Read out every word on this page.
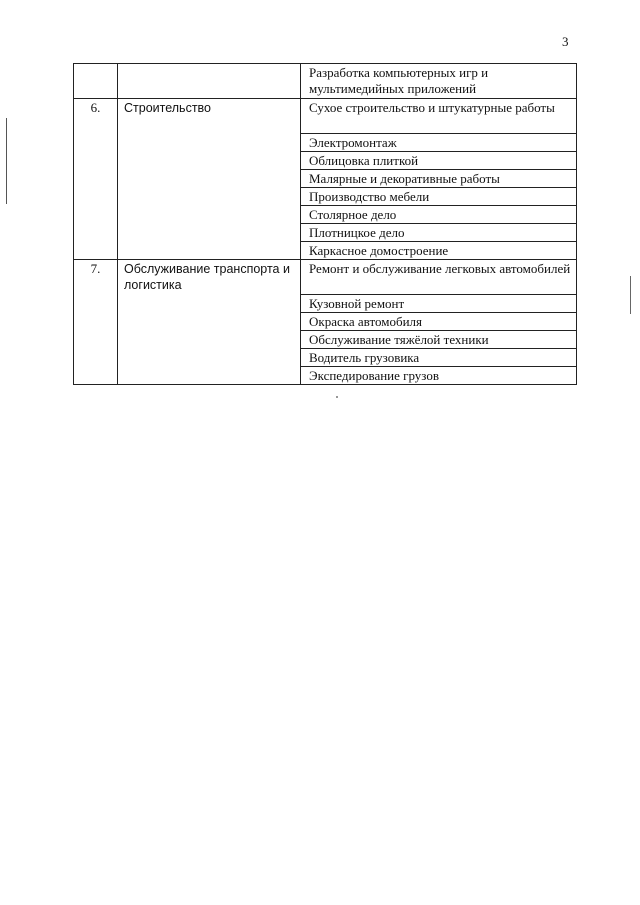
3
		Разработка компьютерных игр и мультимедийных приложений
6.	Строительство	Сухое строительство и штукатурные работы
		Электромонтаж
		Облицовка плиткой
		Малярные и декоративные работы
		Производство мебели
		Столярное дело
		Плотницкое дело
		Каркасное домостроение
7.	Обслуживание транспорта и логистика	Ремонт и обслуживание легковых автомобилей
		Кузовной ремонт
		Окраска автомобиля
		Обслуживание тяжёлой техники
		Водитель грузовика
		Экспедирование грузов
